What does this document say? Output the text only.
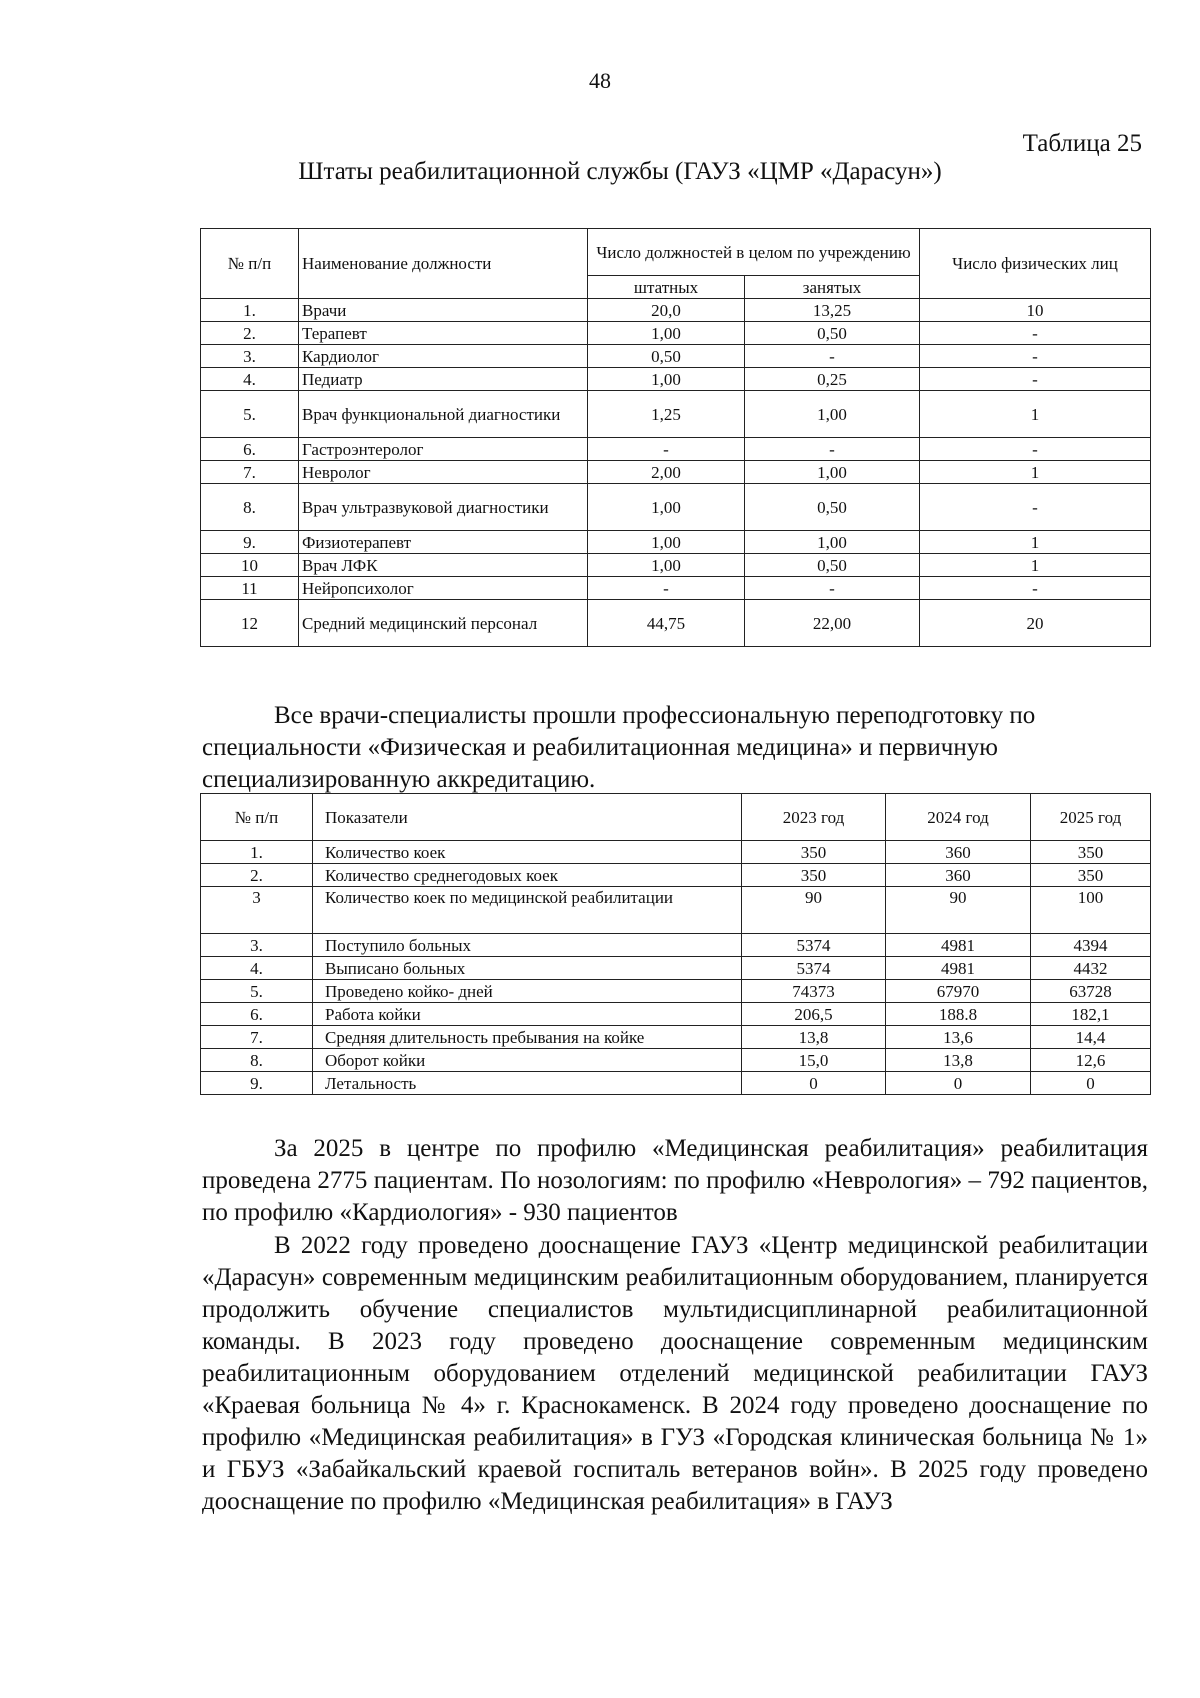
48
Таблица 25
Штаты реабилитационной службы (ГАУЗ «ЦМР «Дарасун»)
№ п/п	Наименование должности	Число должностей в целом по учреждению		Число физических лиц
		штатных	занятых	
1.	Врачи	20,0	13,25	10
2.	Терапевт	1,00	0,50	-
3.	Кардиолог	0,50	-	-
4.	Педиатр	1,00	0,25	-
5.	Врач функциональной диагностики	1,25	1,00	1
6.	Гастроэнтеролог	-	-	-
7.	Невролог	2,00	1,00	1
8.	Врач ультразвуковой диагностики	1,00	0,50	-
9.	Физиотерапевт	1,00	1,00	1
10	Врач ЛФК	1,00	0,50	1
11	Нейропсихолог	-	-	-
12	Средний медицинский персонал	44,75	22,00	20
Все врачи-специалисты прошли профессиональную переподготовку по специальности «Физическая и реабилитационная медицина» и первичную специализированную аккредитацию.
№ п/п	Показатели	2023 год	2024 год	2025 год
1.	Количество коек	350	360	350
2.	Количество среднегодовых коек	350	360	350
3	Количество коек по медицинской реабилитации	90	90	100
3.	Поступило больных	5374	4981	4394
4.	Выписано больных	5374	4981	4432
5.	Проведено койко- дней	74373	67970	63728
6.	Работа койки	206,5	188.8	182,1
7.	Средняя длительность пребывания на койке	13,8	13,6	14,4
8.	Оборот койки	15,0	13,8	12,6
9.	Летальность	0	0	0
За 2025 в центре по профилю «Медицинская реабилитация» реабилитация проведена 2775 пациентам. По нозологиям: по профилю «Неврология» – 792 пациентов, по профилю «Кардиология» - 930 пациентов
В 2022 году проведено дооснащение ГАУЗ «Центр медицинской реабилитации «Дарасун» современным медицинским реабилитационным оборудованием, планируется продолжить обучение специалистов мультидисциплинарной реабилитационной команды. В 2023 году проведено дооснащение современным медицинским реабилитационным оборудованием отделений медицинской реабилитации ГАУЗ «Краевая больница № 4» г. Краснокаменск. В 2024 году проведено дооснащение по профилю «Медицинская реабилитация» в ГУЗ «Городская клиническая больница № 1» и ГБУЗ «Забайкальский краевой госпиталь ветеранов войн». В 2025 году проведено дооснащение по профилю «Медицинская реабилитация» в ГАУЗ
